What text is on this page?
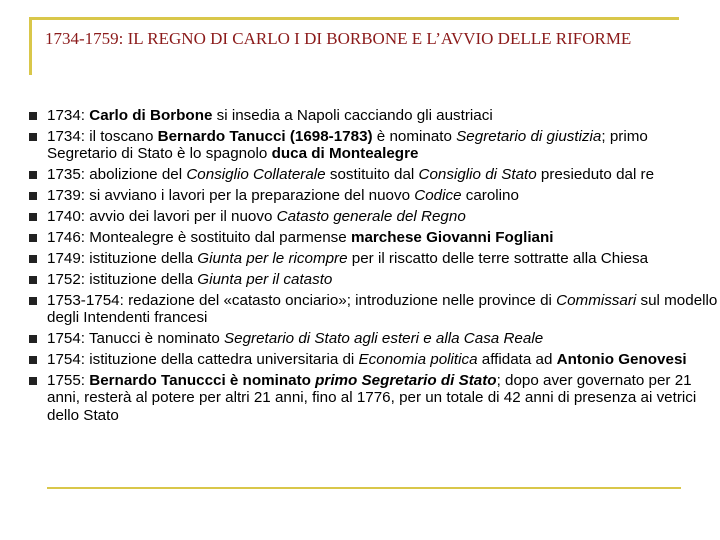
1734-1759: IL REGNO DI CARLO I DI BORBONE E L’AVVIO DELLE RIFORME
1734: Carlo di Borbone si insedia a Napoli cacciando gli austriaci
1734: il toscano Bernardo Tanucci (1698-1783) è nominato Segretario di giustizia; primo Segretario di Stato è lo spagnolo duca di Montealegre
1735: abolizione del Consiglio Collaterale sostituito dal Consiglio di Stato presieduto dal re
1739: si avviano i lavori per la preparazione del nuovo Codice carolino
1740: avvio dei lavori per il nuovo Catasto generale del Regno
1746: Montealegre è sostituito dal parmense marchese Giovanni Fogliani
1749: istituzione della Giunta per le ricompre per il riscatto delle terre sottratte alla Chiesa
1752: istituzione della Giunta per il catasto
1753-1754: redazione del «catasto onciario»; introduzione nelle province di Commissari sul modello degli Intendenti francesi
1754: Tanucci è nominato Segretario di Stato agli esteri e alla Casa Reale
1754: istituzione della cattedra universitaria di Economia politica affidata ad Antonio Genovesi
1755: Bernardo Tanuccci è nominato primo Segretario di Stato; dopo aver governato per 21 anni, resterà al potere per altri 21 anni, fino al 1776, per un totale di 42 anni di presenza ai vetrici dello Stato
